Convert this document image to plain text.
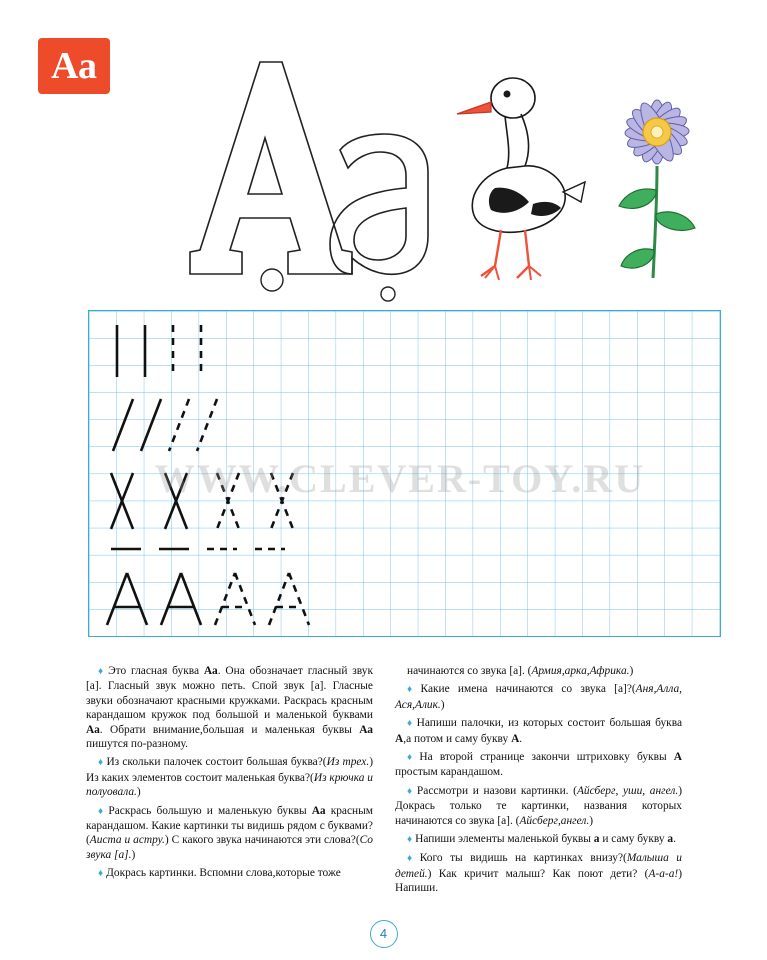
Аа
WWW.CLEVER-TOY.RU
♦ Это гласная буква Аа. Она обозначает гласный звук [а]. Гласный звук можно петь. Спой звук [а]. Гласные звуки обозначают красными кружками. Раскрась красным карандашом кружок под большой и маленькой буквами Аа. Обрати внимание,большая и маленькая буквы Аа пишутся по-разному.
♦ Из скольки палочек состоит большая буква?(Из трех.) Из каких элементов состоит маленькая буква?(Из крючка и полуовала.)
♦ Раскрась большую и маленькую буквы Аа красным карандашом. Какие картинки ты видишь рядом с буквами?(Аиста и астру.) С какого звука начинаются эти слова?(Со звука [а].)
♦ Докрась картинки. Вспомни слова,которые тоже
начинаются со звука [а]. (Армия,арка,Африка.)
♦ Какие имена начинаются со звука [а]?(Аня,Алла, Ася,Алик.)
♦ Напиши палочки, из которых состоит большая буква А,а потом и саму букву А.
♦ На второй странице закончи штриховку буквы А простым карандашом.
♦ Рассмотри и назови картинки. (Айсберг, уши, ангел.) Докрась только те картинки, названия которых начинаются со звука [а]. (Айсберг,ангел.)
♦ Напиши элементы маленькой буквы а и саму букву а.
♦ Кого ты видишь на картинках внизу?(Малыша и детей.) Как кричит малыш? Как поют дети? (А-а-а!) Напиши.
4
